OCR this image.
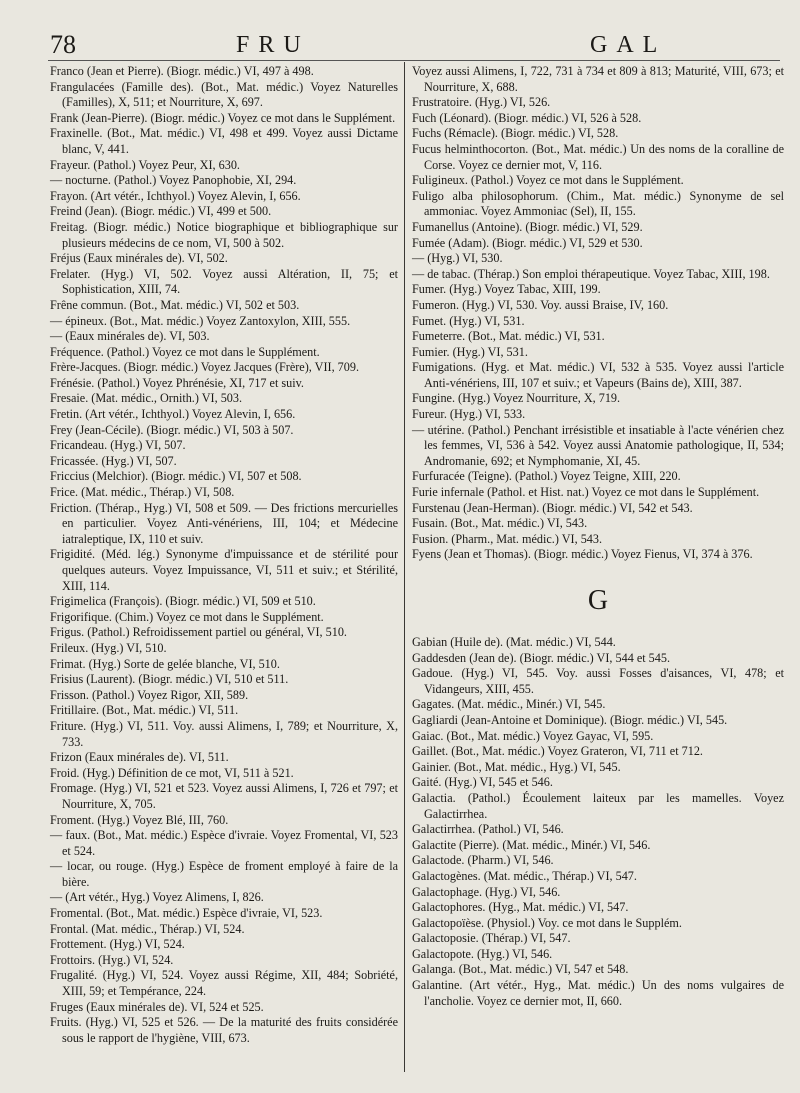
78	FRU	GAL

Franco (Jean et Pierre). (Biogr. médic.) VI, 497 à 498.

Frangulacées (Famille des). (Bot., Mat. médic.) Voyez Naturelles (Familles), X, 511; et Nourriture, X, 697.

Frank (Jean-Pierre). (Biogr. médic.) Voyez ce mot dans le Supplément.

Fraxinelle. (Bot., Mat. médic.) VI, 498 et 499. Voyez aussi Dictame blanc, V, 441.

Frayeur. (Pathol.) Voyez Peur, XI, 630.

— nocturne. (Pathol.) Voyez Panophobie, XI, 294.

Frayon. (Art vétér., Ichthyol.) Voyez Alevin, I, 656.

Freind (Jean). (Biogr. médic.) VI, 499 et 500.

Freitag. (Biogr. médic.) Notice biographique et bibliographique sur plusieurs médecins de ce nom, VI, 500 à 502.

Fréjus (Eaux minérales de). VI, 502.

Frelater. (Hyg.) VI, 502. Voyez aussi Altération, II, 75; et Sophistication, XIII, 74.

Frêne commun. (Bot., Mat. médic.) VI, 502 et 503.

— épineux. (Bot., Mat. médic.) Voyez Zantoxylon, XIII, 555.

— (Eaux minérales de). VI, 503.

Fréquence. (Pathol.) Voyez ce mot dans le Supplément.

Frère-Jacques. (Biogr. médic.) Voyez Jacques (Frère), VII, 709.

Frénésie. (Pathol.) Voyez Phrénésie, XI, 717 et suiv.

Fresaie. (Mat. médic., Ornith.) VI, 503.

Fretin. (Art vétér., Ichthyol.) Voyez Alevin, I, 656.

Frey (Jean-Cécile). (Biogr. médic.) VI, 503 à 507.

Fricandeau. (Hyg.) VI, 507.

Fricassée. (Hyg.) VI, 507.

Friccius (Melchior). (Biogr. médic.) VI, 507 et 508.

Frice. (Mat. médic., Thérap.) VI, 508.

Friction. (Thérap., Hyg.) VI, 508 et 509. — Des frictions mercurielles en particulier. Voyez Anti-vénériens, III, 104; et Médecine iatraleptique, IX, 110 et suiv.

Frigidité. (Méd. lég.) Synonyme d'impuissance et de stérilité pour quelques auteurs. Voyez Impuissance, VI, 511 et suiv.; et Stérilité, XIII, 114.

Frigimelica (François). (Biogr. médic.) VI, 509 et 510.

Frigorifique. (Chim.) Voyez ce mot dans le Supplément.

Frigus. (Pathol.) Refroidissement partiel ou général, VI, 510.

Frileux. (Hyg.) VI, 510.

Frimat. (Hyg.) Sorte de gelée blanche, VI, 510.

Frisius (Laurent). (Biogr. médic.) VI, 510 et 511.

Frisson. (Pathol.) Voyez Rigor, XII, 589.

Fritillaire. (Bot., Mat. médic.) VI, 511.

Friture. (Hyg.) VI, 511. Voy. aussi Alimens, I, 789; et Nourriture, X, 733.

Frizon (Eaux minérales de). VI, 511.

Froid. (Hyg.) Définition de ce mot, VI, 511 à 521.

Fromage. (Hyg.) VI, 521 et 523. Voyez aussi Alimens, I, 726 et 797; et Nourriture, X, 705.

Froment. (Hyg.) Voyez Blé, III, 760.

— faux. (Bot., Mat. médic.) Espèce d'ivraie. Voyez Fromental, VI, 523 et 524.

— locar, ou rouge. (Hyg.) Espèce de froment employé à faire de la bière.

— (Art vétér., Hyg.) Voyez Alimens, I, 826.

Fromental. (Bot., Mat. médic.) Espèce d'ivraie, VI, 523.

Frontal. (Mat. médic., Thérap.) VI, 524.

Frottement. (Hyg.) VI, 524.

Frottoirs. (Hyg.) VI, 524.

Frugalité. (Hyg.) VI, 524. Voyez aussi Régime, XII, 484; Sobriété, XIII, 59; et Tempérance, 224.

Fruges (Eaux minérales de). VI, 524 et 525.

Fruits. (Hyg.) VI, 525 et 526. — De la maturité des fruits considérée sous le rapport de l'hygiène, VIII, 673.

Voyez aussi Alimens, I, 722, 731 à 734 et 809 à 813; Maturité, VIII, 673; et Nourriture, X, 688.

Frustratoire. (Hyg.) VI, 526.

Fuch (Léonard). (Biogr. médic.) VI, 526 à 528.

Fuchs (Rémacle). (Biogr. médic.) VI, 528.

Fucus helminthocorton. (Bot., Mat. médic.) Un des noms de la coralline de Corse. Voyez ce dernier mot, V, 116.

Fuligineux. (Pathol.) Voyez ce mot dans le Supplément.

Fuligo alba philosophorum. (Chim., Mat. médic.) Synonyme de sel ammoniac. Voyez Ammoniac (Sel), II, 155.

Fumanellus (Antoine). (Biogr. médic.) VI, 529.

Fumée (Adam). (Biogr. médic.) VI, 529 et 530.

— (Hyg.) VI, 530.

— de tabac. (Thérap.) Son emploi thérapeutique. Voyez Tabac, XIII, 198.

Fumer. (Hyg.) Voyez Tabac, XIII, 199.

Fumeron. (Hyg.) VI, 530. Voy. aussi Braise, IV, 160.

Fumet. (Hyg.) VI, 531.

Fumeterre. (Bot., Mat. médic.) VI, 531.

Fumier. (Hyg.) VI, 531.

Fumigations. (Hyg. et Mat. médic.) VI, 532 à 535. Voyez aussi l'article Anti-vénériens, III, 107 et suiv.; et Vapeurs (Bains de), XIII, 387.

Fungine. (Hyg.) Voyez Nourriture, X, 719.

Fureur. (Hyg.) VI, 533.

— utérine. (Pathol.) Penchant irrésistible et insatiable à l'acte vénérien chez les femmes, VI, 536 à 542. Voyez aussi Anatomie pathologique, II, 534; Andromanie, 692; et Nymphomanie, XI, 45.

Furfuracée (Teigne). (Pathol.) Voyez Teigne, XIII, 220.

Furie infernale (Pathol. et Hist. nat.) Voyez ce mot dans le Supplément.

Furstenau (Jean-Herman). (Biogr. médic.) VI, 542 et 543.

Fusain. (Bot., Mat. médic.) VI, 543.

Fusion. (Pharm., Mat. médic.) VI, 543.

Fyens (Jean et Thomas). (Biogr. médic.) Voyez Fienus, VI, 374 à 376.

G

Gabian (Huile de). (Mat. médic.) VI, 544.

Gaddesden (Jean de). (Biogr. médic.) VI, 544 et 545.

Gadoue. (Hyg.) VI, 545. Voy. aussi Fosses d'aisances, VI, 478; et Vidangeurs, XIII, 455.

Gagates. (Mat. médic., Minér.) VI, 545.

Gagliardi (Jean-Antoine et Dominique). (Biogr. médic.) VI, 545.

Gaiac. (Bot., Mat. médic.) Voyez Gayac, VI, 595.

Gaillet. (Bot., Mat. médic.) Voyez Grateron, VI, 711 et 712.

Gainier. (Bot., Mat. médic., Hyg.) VI, 545.

Gaité. (Hyg.) VI, 545 et 546.

Galactia. (Pathol.) Écoulement laiteux par les mamelles. Voyez Galactirrhea.

Galactirrhea. (Pathol.) VI, 546.

Galactite (Pierre). (Mat. médic., Minér.) VI, 546.

Galactode. (Pharm.) VI, 546.

Galactogènes. (Mat. médic., Thérap.) VI, 547.

Galactophage. (Hyg.) VI, 546.

Galactophores. (Hyg., Mat. médic.) VI, 547.

Galactopoïèse. (Physiol.) Voy. ce mot dans le Supplém.

Galactoposie. (Thérap.) VI, 547.

Galactopote. (Hyg.) VI, 546.

Galanga. (Bot., Mat. médic.) VI, 547 et 548.

Galantine. (Art vétér., Hyg., Mat. médic.) Un des noms vulgaires de l'ancholie. Voyez ce dernier mot, II, 660.
